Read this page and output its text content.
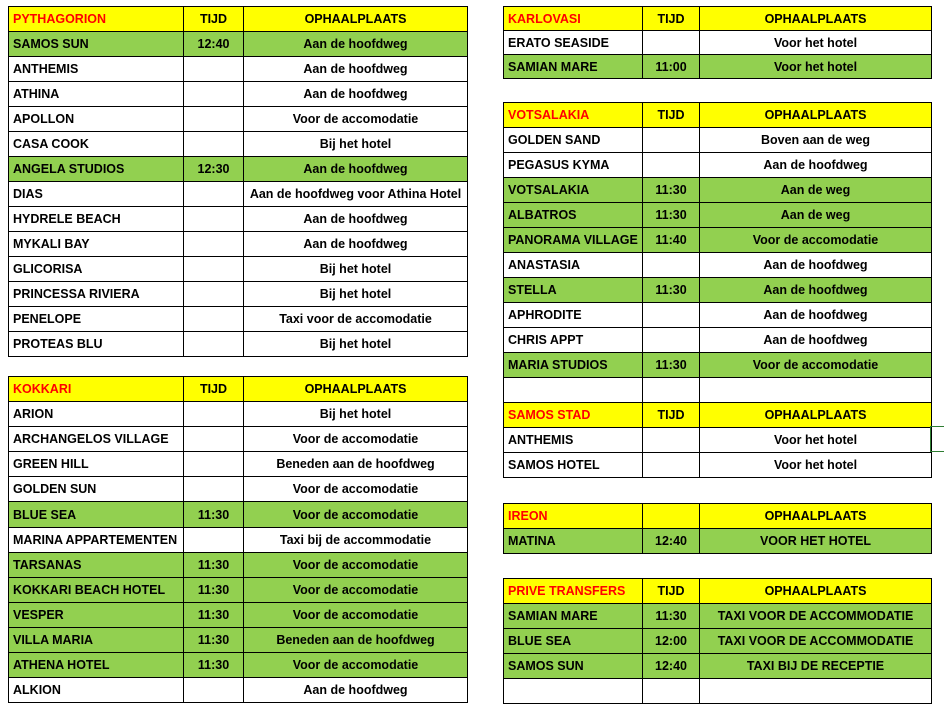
PYTHAGORION	TIJD	OPHAALPLAATS
SAMOS SUN	12:40	Aan de hoofdweg
ANTHEMIS		Aan de hoofdweg
ATHINA		Aan de hoofdweg
APOLLON		Voor de accomodatie
CASA COOK		Bij het hotel
ANGELA STUDIOS	12:30	Aan de hoofdweg
DIAS		Aan de hoofdweg voor Athina Hotel
HYDRELE BEACH		Aan de hoofdweg
MYKALI BAY		Aan de hoofdweg
GLICORISA		Bij het hotel
PRINCESSA RIVIERA		Bij het hotel
PENELOPE		Taxi voor de accomodatie
PROTEAS BLU		Bij het hotel
KOKKARI	TIJD	OPHAALPLAATS
ARION		Bij het hotel
ARCHANGELOS VILLAGE		Voor de accomodatie
GREEN HILL		Beneden aan de hoofdweg
GOLDEN SUN		Voor de accomodatie
BLUE SEA	11:30	Voor de accomodatie
MARINA APPARTEMENTEN		Taxi bij de accommodatie
TARSANAS	11:30	Voor de accomodatie
KOKKARI BEACH HOTEL	11:30	Voor de accomodatie
VESPER	11:30	Voor de accomodatie
VILLA MARIA	11:30	Beneden aan de hoofdweg
ATHENA HOTEL	11:30	Voor de accomodatie
ALKION		Aan de hoofdweg
KARLOVASI	TIJD	OPHAALPLAATS
ERATO SEASIDE		Voor het hotel
SAMIAN MARE	11:00	Voor het hotel
VOTSALAKIA	TIJD	OPHAALPLAATS
GOLDEN SAND		Boven aan de weg
PEGASUS KYMA		Aan de hoofdweg
VOTSALAKIA	11:30	Aan de weg
ALBATROS	11:30	Aan de weg
PANORAMA VILLAGE	11:40	Voor de accomodatie
ANASTASIA		Aan de hoofdweg
STELLA	11:30	Aan de hoofdweg
APHRODITE		Aan de hoofdweg
CHRIS APPT		Aan de hoofdweg
MARIA STUDIOS	11:30	Voor de accomodatie

SAMOS STAD	TIJD	OPHAALPLAATS
ANTHEMIS		Voor het hotel
SAMOS HOTEL		Voor het hotel
IREON		OPHAALPLAATS
MATINA	12:40	VOOR HET HOTEL
PRIVE TRANSFERS	TIJD	OPHAALPLAATS
SAMIAN MARE	11:30	TAXI VOOR DE ACCOMMODATIE
BLUE SEA	12:00	TAXI VOOR DE ACCOMMODATIE
SAMOS SUN	12:40	TAXI BIJ DE RECEPTIE
